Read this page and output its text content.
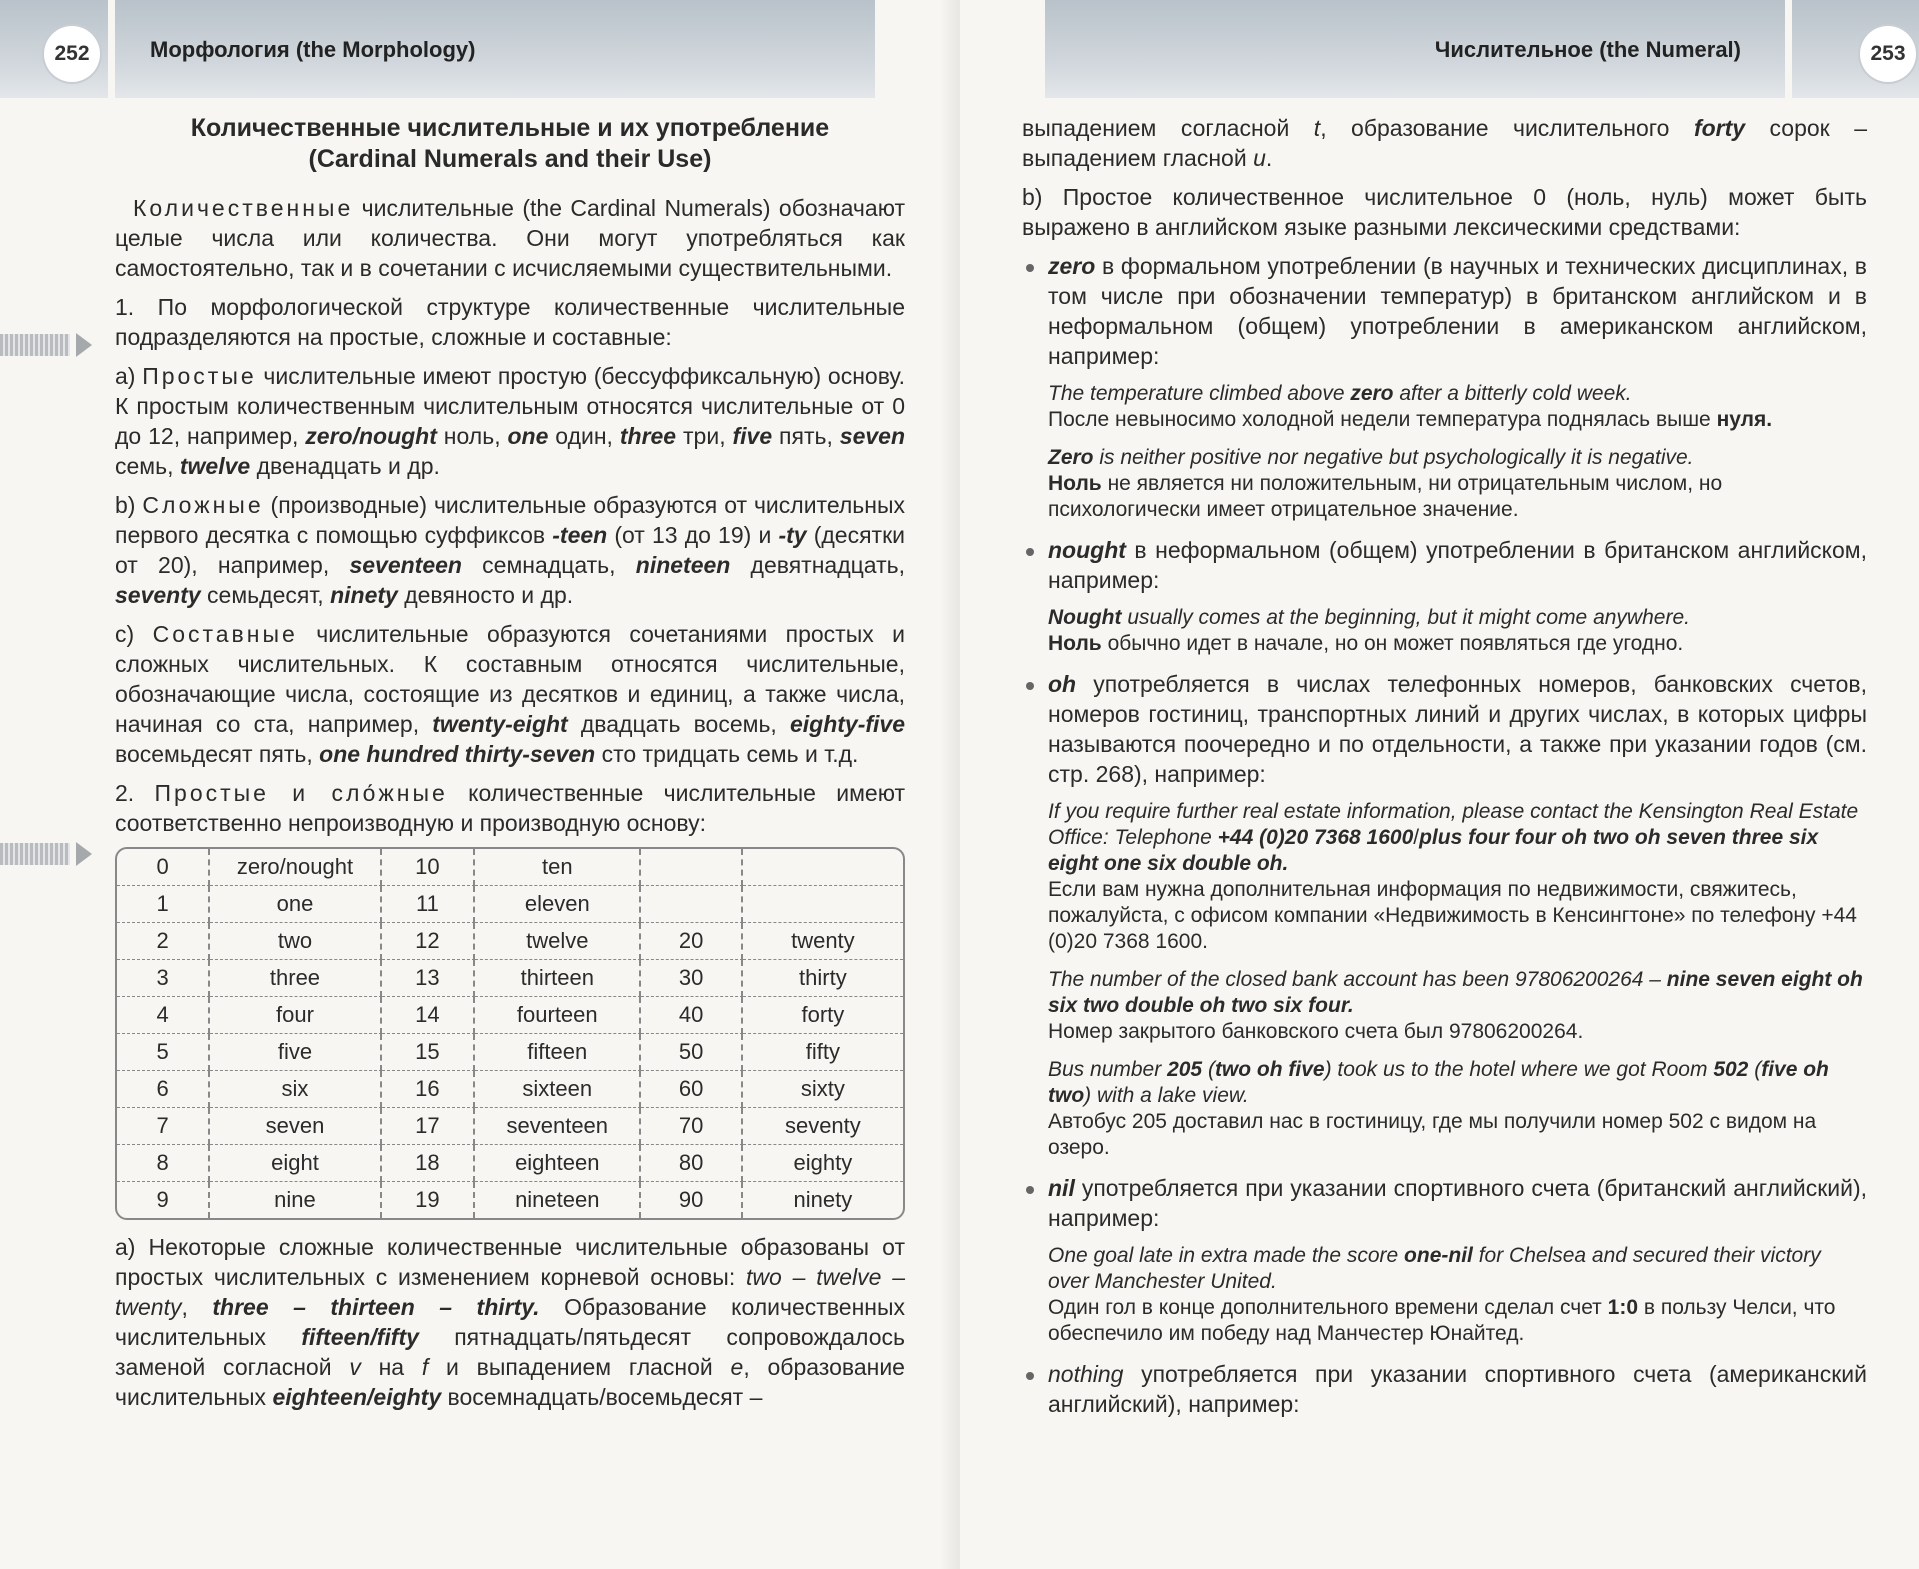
252	Морфология (the Morphology)
Количественные числительные и их употребление
(Cardinal Numerals and their Use)

Количественные числительные (the Cardinal Numerals) обозначают целые числа или количества. Они могут употребляться как самостоятельно, так и в сочетании с исчисляемыми существительными.

1. По морфологической структуре количественные числительные подразделяются на простые, сложные и составные:

a) Простые числительные имеют простую (бессуффиксальную) основу. К простым количественным числительным относятся числительные от 0 до 12, например, zero/nought ноль, one один, three три, five пять, seven семь, twelve двенадцать и др.

b) Сложные (производные) числительные образуются от числительных первого десятка с помощью суффиксов -teen (от 13 до 19) и -ty (десятки от 20), например, seventeen семнадцать, nineteen девятнадцать, seventy семьдесят, ninety девяносто и др.

c) Составные числительные образуются сочетаниями простых и сложных числительных. К составным относятся числительные, обозначающие числа, состоящие из десятков и единиц, а также числа, начиная со ста, например, twenty-eight двадцать восемь, eighty-five восемьдесят пять, one hundred thirty-seven сто тридцать семь и т.д.

2. Простые и сло́жные количественные числительные имеют соответственно непроизводную и производную основу:

0	zero/nought	10	ten		
1	one	11	eleven		
2	two	12	twelve	20	twenty
3	three	13	thirteen	30	thirty
4	four	14	fourteen	40	forty
5	five	15	fifteen	50	fifty
6	six	16	sixteen	60	sixty
7	seven	17	seventeen	70	seventy
8	eight	18	eighteen	80	eighty
9	nine	19	nineteen	90	ninety

a) Некоторые сложные количественные числительные образованы от простых числительных с изменением корневой основы: two – twelve – twenty, three – thirteen – thirty. Образование количественных числительных fifteen/fifty пятнадцать/пятьдесят сопровождалось заменой согласной v на f и выпадением гласной e, образование числительных eighteen/eighty восемнадцать/восемьдесят –

Числительное (the Numeral)	253

выпадением согласной t, образование числительного forty сорок – выпадением гласной u.

b) Простое количественное числительное 0 (ноль, нуль) может быть выражено в английском языке разными лексическими средствами:

zero в формальном употреблении (в научных и технических дисциплинах, в том числе при обозначении температур) в британском английском и в неформальном (общем) употреблении в американском английском, например:

The temperature climbed above zero after a bitterly cold week.
После невыносимо холодной недели температура поднялась выше нуля.
Zero is neither positive nor negative but psychologically it is negative.
Ноль не является ни положительным, ни отрицательным числом, но психологически имеет отрицательное значение.

nought в неформальном (общем) употреблении в британском английском, например:

Nought usually comes at the beginning, but it might come anywhere.
Ноль обычно идет в начале, но он может появляться где угодно.

oh употребляется в числах телефонных номеров, банковских счетов, номеров гостиниц, транспортных линий и других числах, в которых цифры называются поочередно и по отдельности, а также при указании годов (см. стр. 268), например:

If you require further real estate information, please contact the Kensington Real Estate Office: Telephone +44 (0)20 7368 1600/plus four four oh two oh seven three six eight one six double oh.
Если вам нужна дополнительная информация по недвижимости, свяжитесь, пожалуйста, с офисом компании «Недвижимость в Кенсингтоне» по телефону +44 (0)20 7368 1600.
The number of the closed bank account has been 97806200264 – nine seven eight oh six two double oh two six four.
Номер закрытого банковского счета был 97806200264.
Bus number 205 (two oh five) took us to the hotel where we got Room 502 (five oh two) with a lake view.
Автобус 205 доставил нас в гостиницу, где мы получили номер 502 с видом на озеро.

nil употребляется при указании спортивного счета (британский английский), например:

One goal late in extra made the score one-nil for Chelsea and secured their victory over Manchester United.
Один гол в конце дополнительного времени сделал счет 1:0 в пользу Челси, что обеспечило им победу над Манчестер Юнайтед.

nothing употребляется при указании спортивного счета (американский английский), например:
